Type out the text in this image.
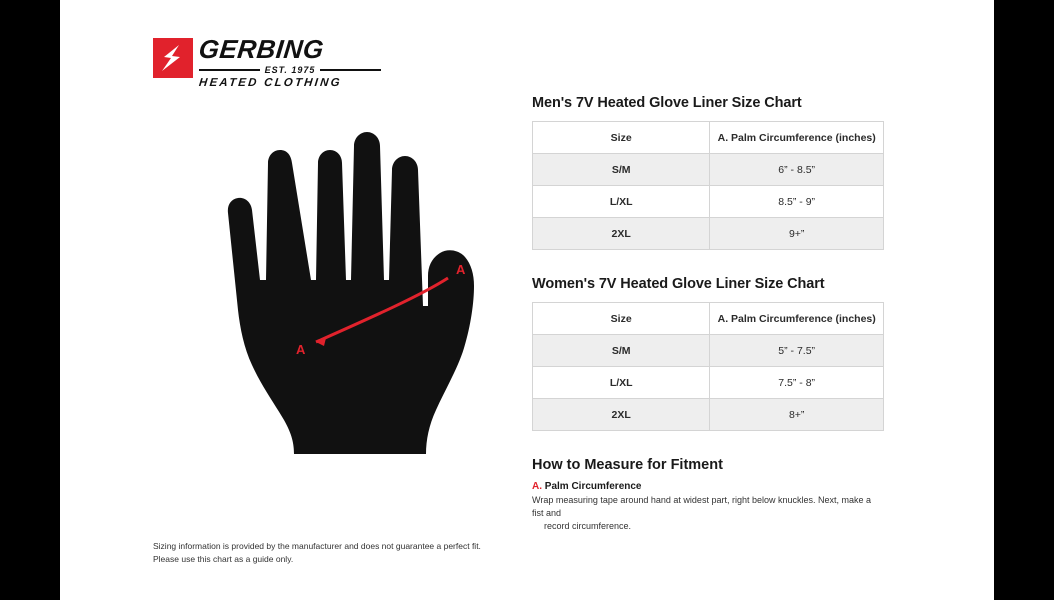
GERBING
EST. 1975
HEATED CLOTHING
A
A
Men's 7V Heated Glove Liner Size Chart
Size	A. Palm Circumference (inches)
S/M	6” - 8.5”
L/XL	8.5” - 9”
2XL	9+”
Women's 7V Heated Glove Liner Size Chart
Size	A. Palm Circumference (inches)
S/M	5” - 7.5”
L/XL	7.5” - 8”
2XL	8+”
How to Measure for Fitment
A. Palm Circumference
Wrap measuring tape around hand at widest part, right below knuckles. Next, make a fist and
record circumference.
Sizing information is provided by the manufacturer and does not guarantee a perfect fit.
Please use this chart as a guide only.
